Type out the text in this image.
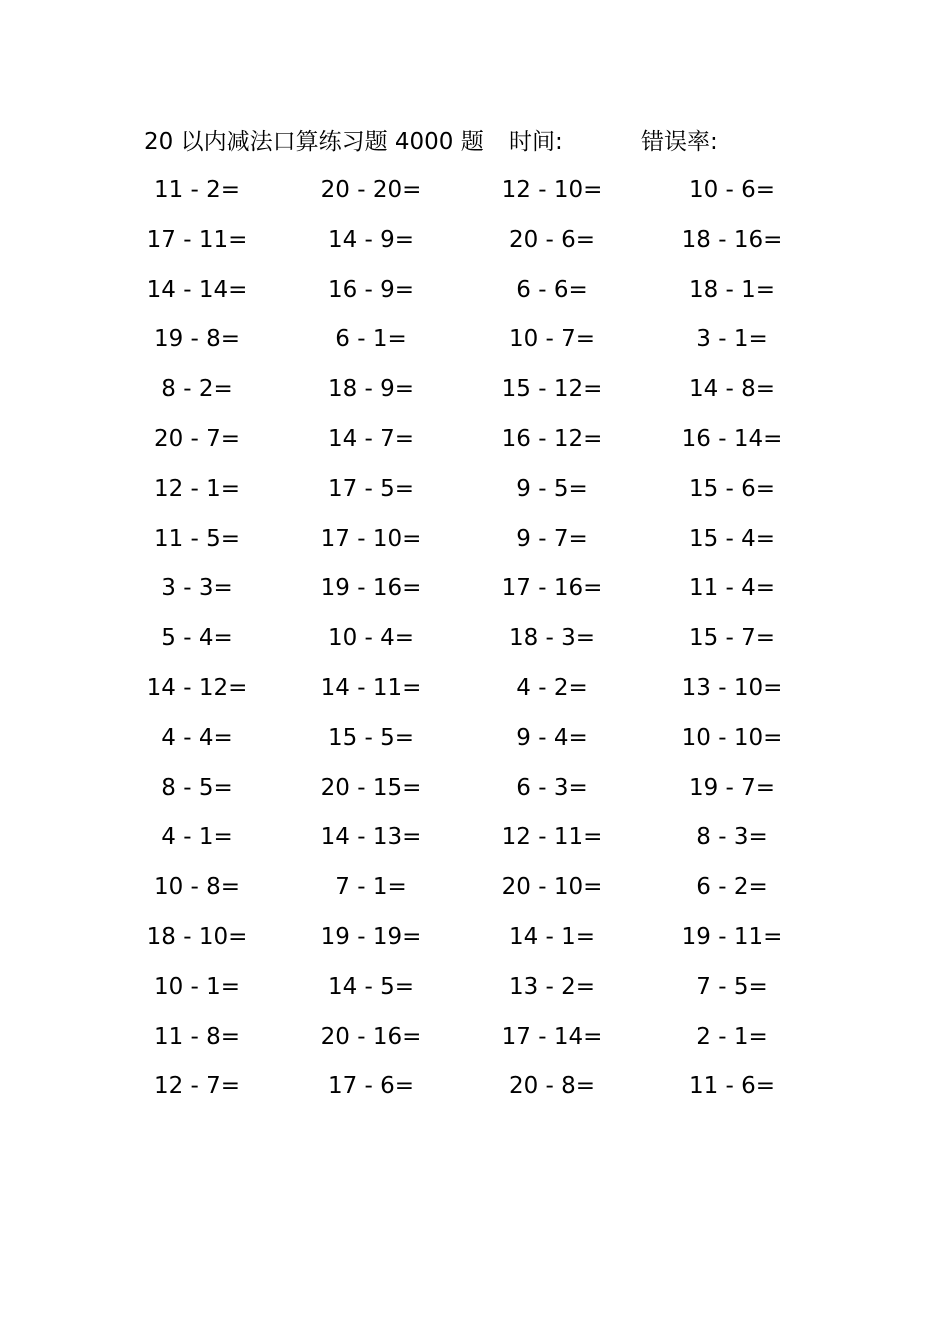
20 以内减法口算练习题 4000 题 时间:	错误率:
11 - 2=	20 - 20=	12 - 10=	10 - 6=
17 - 11=	14 - 9=	20 - 6=	18 - 16=
14 - 14=	16 - 9=	6 - 6=	18 - 1=
19 - 8=	6 - 1=	10 - 7=	3 - 1=
8 - 2=	18 - 9=	15 - 12=	14 - 8=
20 - 7=	14 - 7=	16 - 12=	16 - 14=
12 - 1=	17 - 5=	9 - 5=	15 - 6=
11 - 5=	17 - 10=	9 - 7=	15 - 4=
3 - 3=	19 - 16=	17 - 16=	11 - 4=
5 - 4=	10 - 4=	18 - 3=	15 - 7=
14 - 12=	14 - 11=	4 - 2=	13 - 10=
4 - 4=	15 - 5=	9 - 4=	10 - 10=
8 - 5=	20 - 15=	6 - 3=	19 - 7=
4 - 1=	14 - 13=	12 - 11=	8 - 3=
10 - 8=	7 - 1=	20 - 10=	6 - 2=
18 - 10=	19 - 19=	14 - 1=	19 - 11=
10 - 1=	14 - 5=	13 - 2=	7 - 5=
11 - 8=	20 - 16=	17 - 14=	2 - 1=
12 - 7=	17 - 6=	20 - 8=	11 - 6=
